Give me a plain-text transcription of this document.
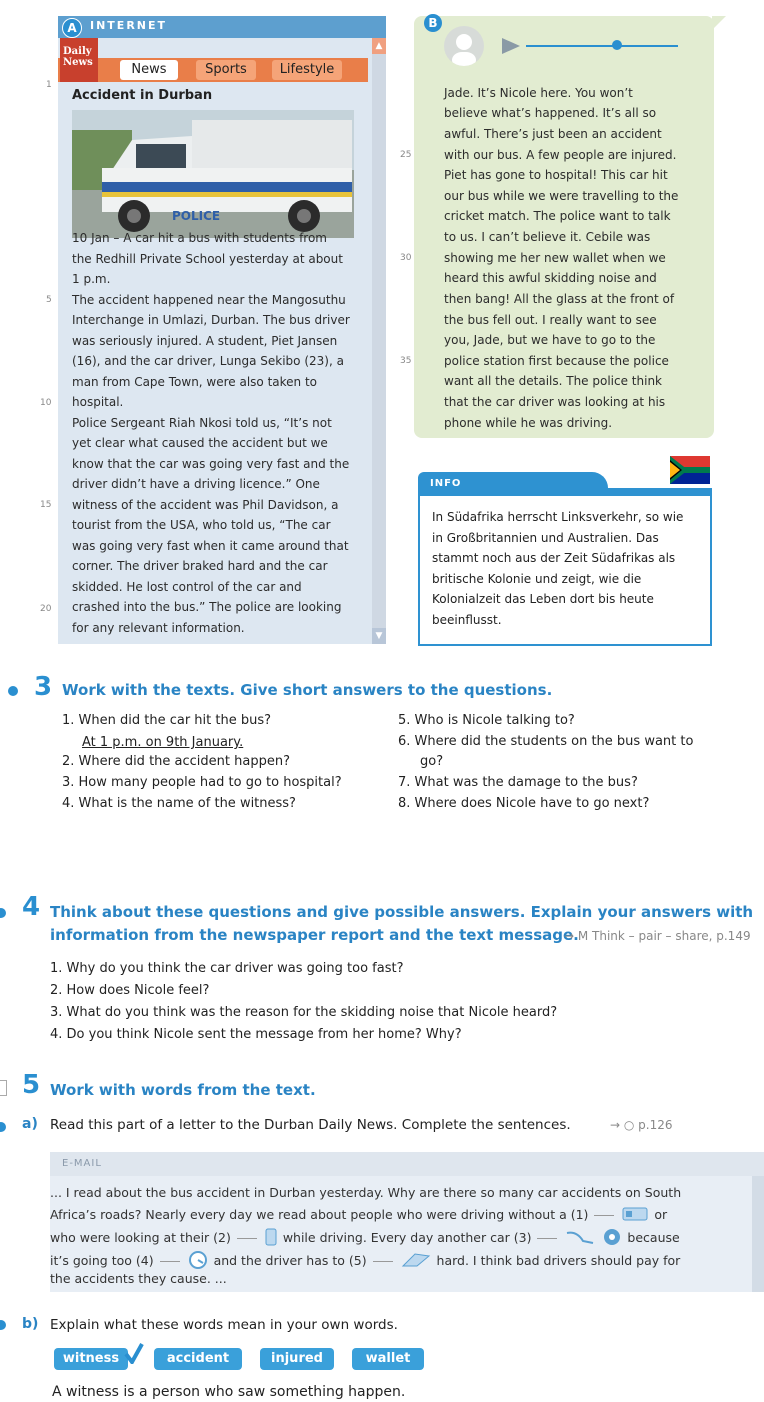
A	INTERNET
Daily
News	News	Sports	Lifestyle
▲
▼
Accident in Durban
POLICE
10 Jan – A car hit a bus with students from
the Redhill Private School yesterday at about
1 p.m.
The accident happened near the Mangosuthu
Interchange in Umlazi, Durban. The bus driver
was seriously injured. A student, Piet Jansen
(16), and the car driver, Lunga Sekibo (23), a
man from Cape Town, were also taken to
hospital.
Police Sergeant Riah Nkosi told us, “It’s not
yet clear what caused the accident but we
know that the car was going very fast and the
driver didn’t have a driving licence.” One
witness of the accident was Phil Davidson, a
tourist from the USA, who told us, “The car
was going very fast when it came around that
corner. The driver braked hard and the car
skidded. He lost control of the car and
crashed into the bus.” The police are looking
for any relevant information.
1
5
10
15
20
B
Jade. It’s Nicole here. You won’t
believe what’s happened. It’s all so
awful. There’s just been an accident
with our bus. A few people are injured.
Piet has gone to hospital! This car hit
our bus while we were travelling to the
cricket match. The police want to talk
to us. I can’t believe it. Cebile was
showing me her new wallet when we
heard this awful skidding noise and
then bang! All the glass at the front of
the bus fell out. I really want to see
you, Jade, but we have to go to the
police station first because the police
want all the details. The police think
that the car driver was looking at his
phone while he was driving.
25
30
35
INFO
In Südafrika herrscht Linksverkehr, so wie
in Großbritannien und Australien. Das
stammt noch aus der Zeit Südafrikas als
britische Kolonie und zeigt, wie die
Kolonialzeit das Leben dort bis heute
beeinflusst.
3 Work with the texts. Give short answers to the questions.
1. When did the car hit the bus?
At 1 p.m. on 9th January.
2. Where did the accident happen?
3. How many people had to go to hospital?
4. What is the name of the witness?
5. Who is Nicole talking to?
6. Where did the students on the bus want to
go?
7. What was the damage to the bus?
8. Where does Nicole have to go next?
4 Think about these questions and give possible answers. Explain your answers with
information from the newspaper report and the text message.
→ M Think – pair – share, p.149
1. Why do you think the car driver was going too fast?
2. How does Nicole feel?
3. What do you think was the reason for the skidding noise that Nicole heard?
4. Do you think Nicole sent the message from her home? Why?
5 Work with words from the text.
a) Read this part of a letter to the Durban Daily News. Complete the sentences.	→ ○ p.126
E-MAIL
... I read about the bus accident in Durban yesterday. Why are there so many car accidents on South
Africa’s roads? Nearly every day we read about people who were driving without a (1)	or
who were looking at their (2)	while driving. Every day another car (3)	because
it’s going too (4)	and the driver has to (5)	hard. I think bad drivers should pay for
the accidents they cause. ...
b) Explain what these words mean in your own words.
witness	accident	injured	wallet
A witness is a person who saw something happen.
